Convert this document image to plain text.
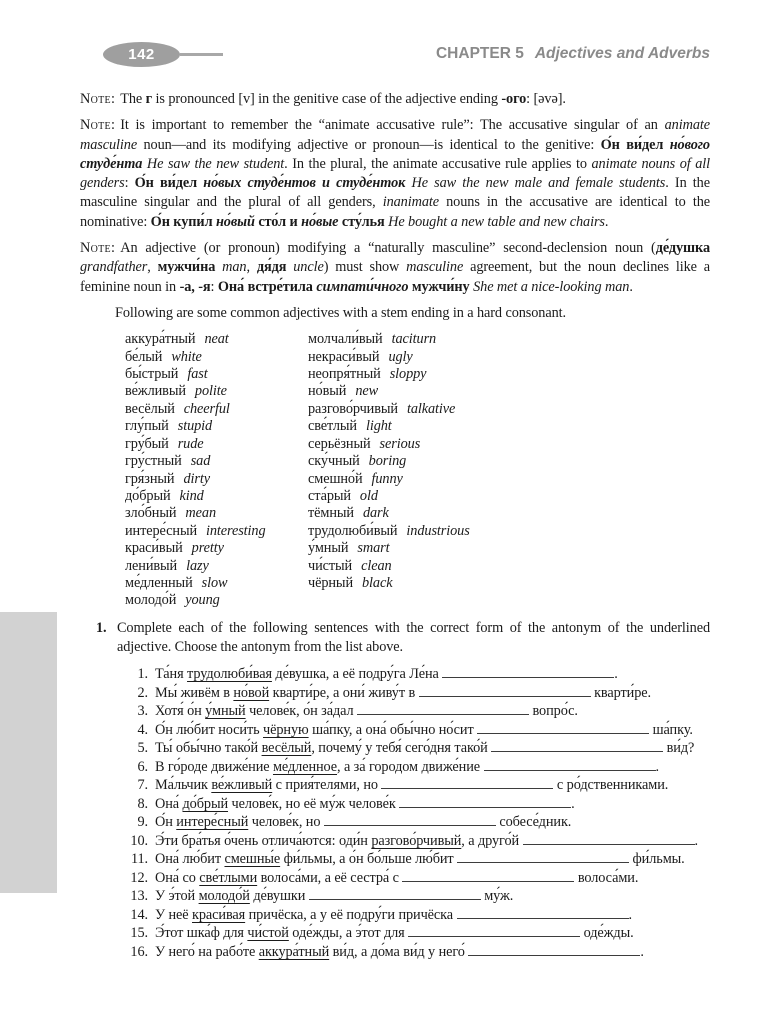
142	CHAPTER 5 Adjectives and Adverbs

Note: The г is pronounced [v] in the genitive case of the adjective ending -ого: [əvə].

Note: It is important to remember the “animate accusative rule”: The accusative singular of an animate masculine noun—and its modifying adjective or pronoun—is identical to the genitive: О́н ви́дел но́вого студе́нта He saw the new student. In the plural, the animate accusative rule applies to animate nouns of all genders: О́н ви́дел но́вых студе́нтов и студе́нток He saw the new male and female students. In the masculine singular and the plural of all genders, inanimate nouns in the accusative are identical to the nominative: О́н купи́л но́вый сто́л и но́вые сту́лья He bought a new table and new chairs.

Note: An adjective (or pronoun) modifying a “naturally masculine” second-declension noun (де́душка grandfather, мужчи́на man, дя́дя uncle) must show masculine agreement, but the noun declines like a feminine noun in -а, -я: Она́ встре́тила симпати́чного мужчи́ну She met a nice-looking man.

Following are some common adjectives with a stem ending in a hard consonant.

аккура́тный neat
бе́лый white
бы́стрый fast
ве́жливый polite
весёлый cheerful
глу́пый stupid
гру́бый rude
гру́стный sad
гря́зный dirty
до́брый kind
зло́бный mean
интере́сный interesting
краси́вый pretty
лени́вый lazy
ме́дленный slow
молодо́й young
молчали́вый taciturn
некраси́вый ugly
неопря́тный sloppy
но́вый new
разгово́рчивый talkative
све́тлый light
серьёзный serious
ску́чный boring
смешно́й funny
ста́рый old
тёмный dark
трудолюби́вый industrious
у́мный smart
чи́стый clean
чёрный black
1. Complete each of the following sentences with the correct form of the antonym of the underlined adjective. Choose the antonym from the list above.

1. Та́ня трудолюби́вая де́вушка, а её подру́га Ле́на	.
2. Мы́ живём в но́вой кварти́ре, а они́ живу́т в	кварти́ре.
3. Хотя́ о́н у́мный челове́к, о́н за́дал	вопро́с.
4. О́н лю́бит носи́ть чёрную ша́пку, а она́ обы́чно но́сит	ша́пку.
5. Ты́ обы́чно тако́й весёлый, почему́ у тебя́ сего́дня тако́й	ви́д?
6. В го́роде движе́ние ме́дленное, а за́ городом движе́ние	.
7. Ма́льчик ве́жливый с прия́телями, но	с ро́дственниками.
8. Она́ до́брый челове́к, но её му́ж челове́к	.
9. О́н интере́сный челове́к, но	собесе́дник.
10. Э́ти бра́тья о́чень отлича́ются: оди́н разгово́рчивый, а друго́й	.
11. Она́ лю́бит смешны́е фи́льмы, а о́н бо́льше лю́бит	фи́льмы.
12. Она́ со све́тлыми волоса́ми, а её сестра́ с	волоса́ми.
13. У э́той молодо́й де́вушки	му́ж.
14. У неё краси́вая причёска, а у её подру́ги причёска	.
15. Э́тот шка́ф для чи́стой оде́жды, а э́тот для	оде́жды.
16. У него́ на рабо́те аккура́тный ви́д, а до́ма ви́д у него́	.
